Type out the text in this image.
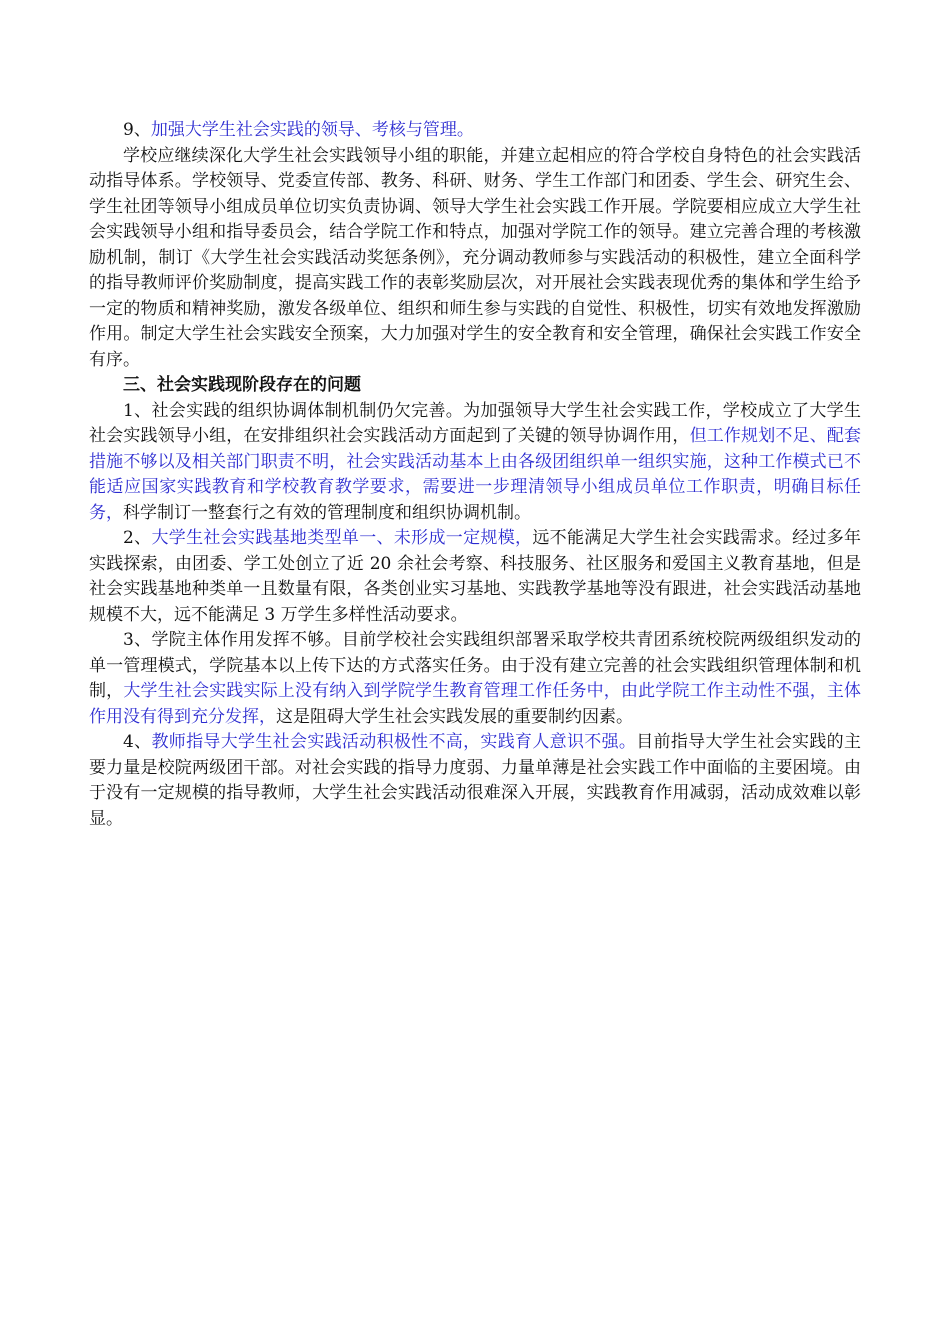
9、加强大学生社会实践的领导、考核与管理。

学校应继续深化大学生社会实践领导小组的职能，并建立起相应的符合学校自身特色的社会实践活动指导体系。学校领导、党委宣传部、教务、科研、财务、学生工作部门和团委、学生会、研究生会、学生社团等领导小组成员单位切实负责协调、领导大学生社会实践工作开展。学院要相应成立大学生社会实践领导小组和指导委员会，结合学院工作和特点，加强对学院工作的领导。建立完善合理的考核激励机制，制订《大学生社会实践活动奖惩条例》，充分调动教师参与实践活动的积极性，建立全面科学的指导教师评价奖励制度，提高实践工作的表彰奖励层次，对开展社会实践表现优秀的集体和学生给予一定的物质和精神奖励，激发各级单位、组织和师生参与实践的自觉性、积极性，切实有效地发挥激励作用。制定大学生社会实践安全预案，大力加强对学生的安全教育和安全管理，确保社会实践工作安全有序。

三、社会实践现阶段存在的问题

1、社会实践的组织协调体制机制仍欠完善。为加强领导大学生社会实践工作，学校成立了大学生社会实践领导小组，在安排组织社会实践活动方面起到了关键的领导协调作用，但工作规划不足、配套措施不够以及相关部门职责不明，社会实践活动基本上由各级团组织单一组织实施，这种工作模式已不能适应国家实践教育和学校教育教学要求，需要进一步理清领导小组成员单位工作职责，明确目标任务，科学制订一整套行之有效的管理制度和组织协调机制。

2、大学生社会实践基地类型单一、未形成一定规模，远不能满足大学生社会实践需求。经过多年实践探索，由团委、学工处创立了近 20 余社会考察、科技服务、社区服务和爱国主义教育基地，但是社会实践基地种类单一且数量有限，各类创业实习基地、实践教学基地等没有跟进，社会实践活动基地规模不大，远不能满足 3 万学生多样性活动要求。

3、学院主体作用发挥不够。目前学校社会实践组织部署采取学校共青团系统校院两级组织发动的单一管理模式，学院基本以上传下达的方式落实任务。由于没有建立完善的社会实践组织管理体制和机制，大学生社会实践实际上没有纳入到学院学生教育管理工作任务中，由此学院工作主动性不强，主体作用没有得到充分发挥，这是阻碍大学生社会实践发展的重要制约因素。

4、教师指导大学生社会实践活动积极性不高，实践育人意识不强。目前指导大学生社会实践的主要力量是校院两级团干部。对社会实践的指导力度弱、力量单薄是社会实践工作中面临的主要困境。由于没有一定规模的指导教师，大学生社会实践活动很难深入开展，实践教育作用减弱，活动成效难以彰显。
